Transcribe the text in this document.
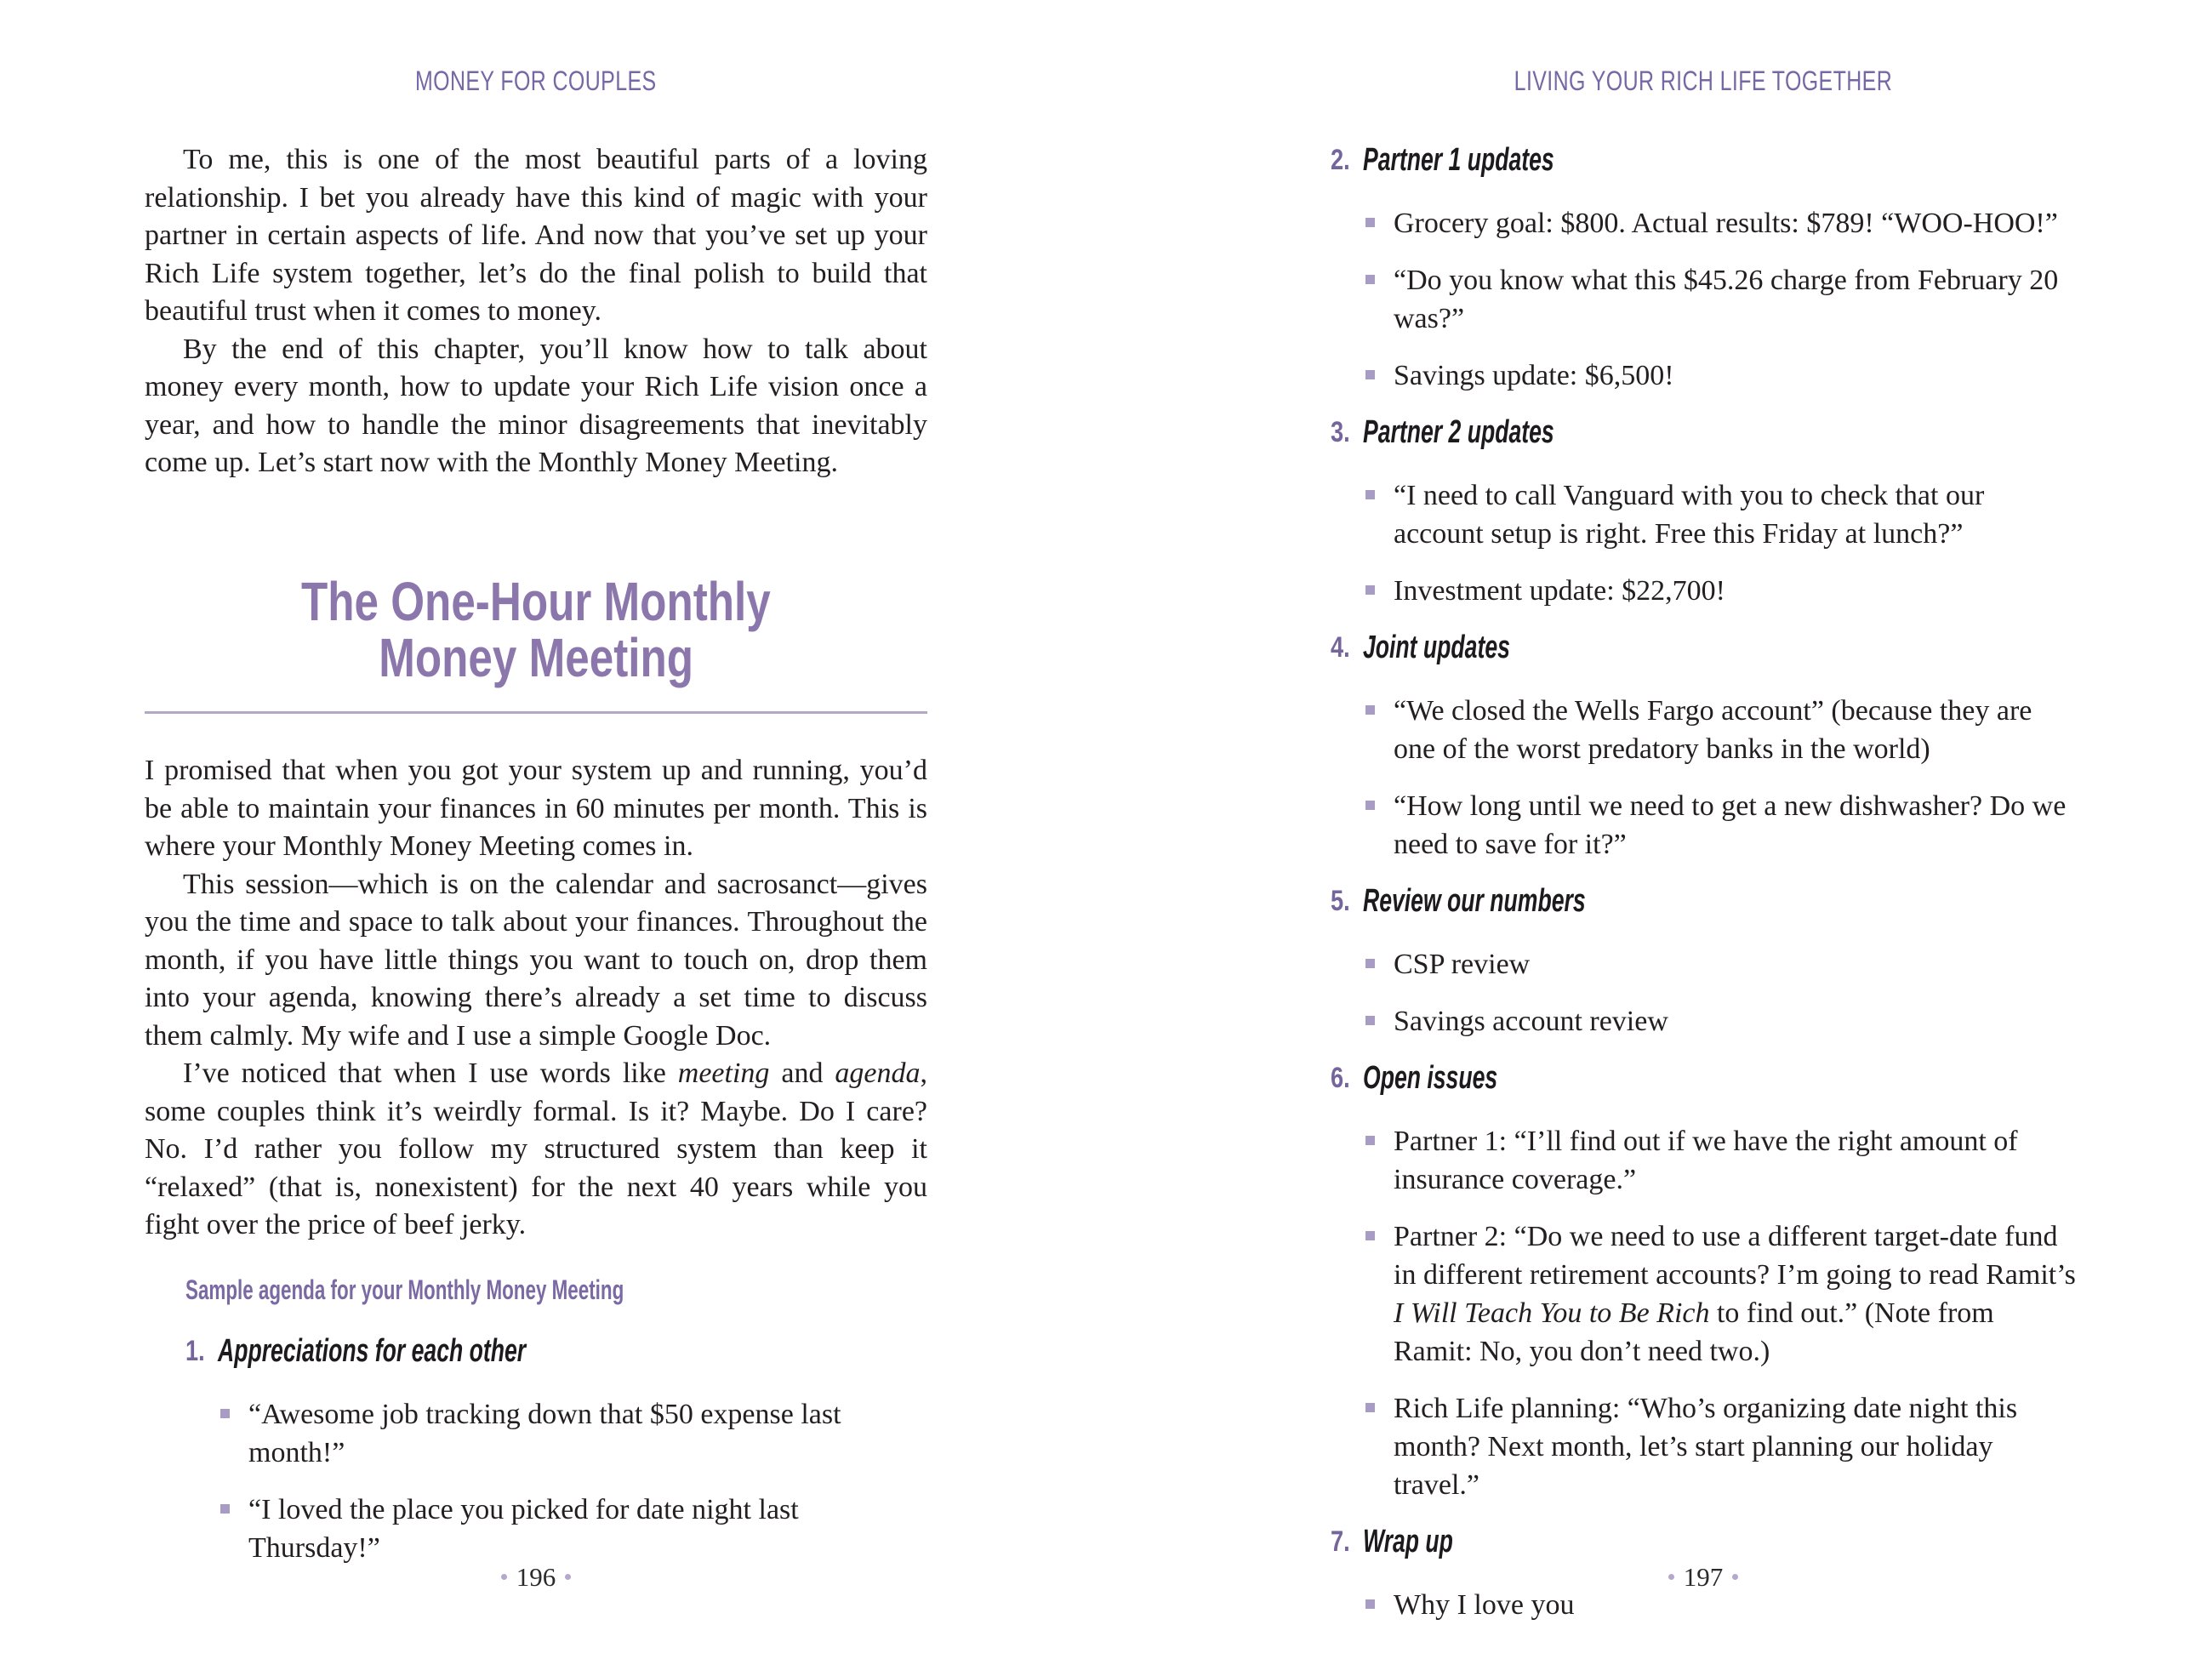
MONEY FOR COUPLES

To me, this is one of the most beautiful parts of a loving relationship. I bet you already have this kind of magic with your partner in certain aspects of life. And now that you’ve set up your Rich Life system together, let’s do the final polish to build that beautiful trust when it comes to money.

By the end of this chapter, you’ll know how to talk about money every month, how to update your Rich Life vision once a year, and how to handle the minor disagreements that inevitably come up. Let’s start now with the Monthly Money Meeting.

The One-Hour Monthly
Money Meeting

I promised that when you got your system up and running, you’d be able to maintain your finances in 60 minutes per month. This is where your Monthly Money Meeting comes in.

This session—which is on the calendar and sacrosanct—gives you the time and space to talk about your finances. Throughout the month, if you have little things you want to touch on, drop them into your agenda, knowing there’s already a set time to discuss them calmly. My wife and I use a simple Google Doc.

I’ve noticed that when I use words like meeting and agenda, some couples think it’s weirdly formal. Is it? Maybe. Do I care? No. I’d rather you follow my structured system than keep it “relaxed” (that is, nonexistent) for the next 40 years while you fight over the price of beef jerky.

Sample agenda for your Monthly Money Meeting
1. Appreciations for each other
“Awesome job tracking down that $50 expense last month!”
“I loved the place you picked for date night last Thursday!”
196
LIVING YOUR RICH LIFE TOGETHER
2. Partner 1 updates
Grocery goal: $800. Actual results: $789! “WOO-HOO!”
“Do you know what this $45.26 charge from February 20 was?”
Savings update: $6,500!
3. Partner 2 updates
“I need to call Vanguard with you to check that our account setup is right. Free this Friday at lunch?”
Investment update: $22,700!
4. Joint updates
“We closed the Wells Fargo account” (because they are one of the worst predatory banks in the world)
“How long until we need to get a new dishwasher? Do we need to save for it?”
5. Review our numbers
CSP review
Savings account review
6. Open issues
Partner 1: “I’ll find out if we have the right amount of insurance coverage.”
Partner 2: “Do we need to use a different target-date fund in different retirement accounts? I’m going to read Ramit’s I Will Teach You to Be Rich to find out.” (Note from Ramit: No, you don’t need two.)
Rich Life planning: “Who’s organizing date night this month? Next month, let’s start planning our holiday travel.”
7. Wrap up
Why I love you
197
